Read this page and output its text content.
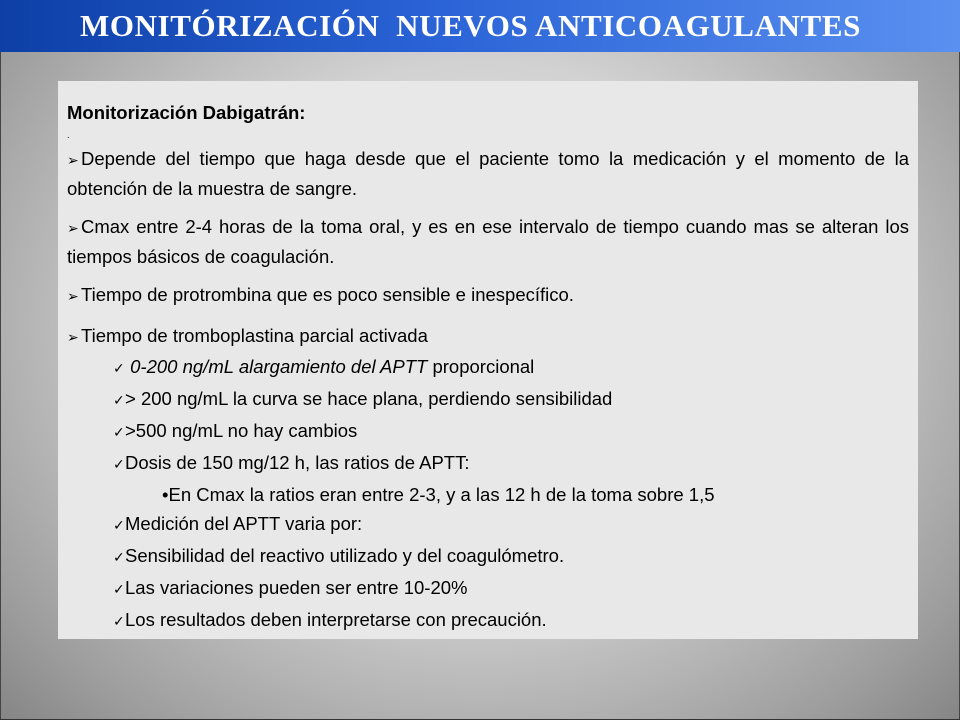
MONITÓRIZACIÓN  NUEVOS ANTICOAGULANTES

Monitorización Dabigatrán:

.

➢ Depende del tiempo que haga desde que el paciente tomo la medicación y el momento de la obtención de la muestra de sangre.

➢ Cmax entre 2-4 horas de la toma oral, y es en ese intervalo de tiempo cuando mas se alteran los tiempos básicos de coagulación.

➢ Tiempo de protrombina que es poco sensible e inespecífico.

➢ Tiempo de tromboplastina parcial activada

✓ 0-200 ng/mL alargamiento del APTT proporcional
✓> 200 ng/mL la curva se hace plana, perdiendo sensibilidad
✓>500 ng/mL no hay cambios
✓Dosis de 150 mg/12 h, las ratios de APTT:
•En Cmax la ratios eran entre 2-3, y a las 12 h de la toma sobre 1,5
✓Medición del APTT varia por:
✓Sensibilidad del reactivo utilizado y del coagulómetro.
✓Las variaciones pueden ser entre 10-20%
✓Los resultados deben interpretarse con precaución.
